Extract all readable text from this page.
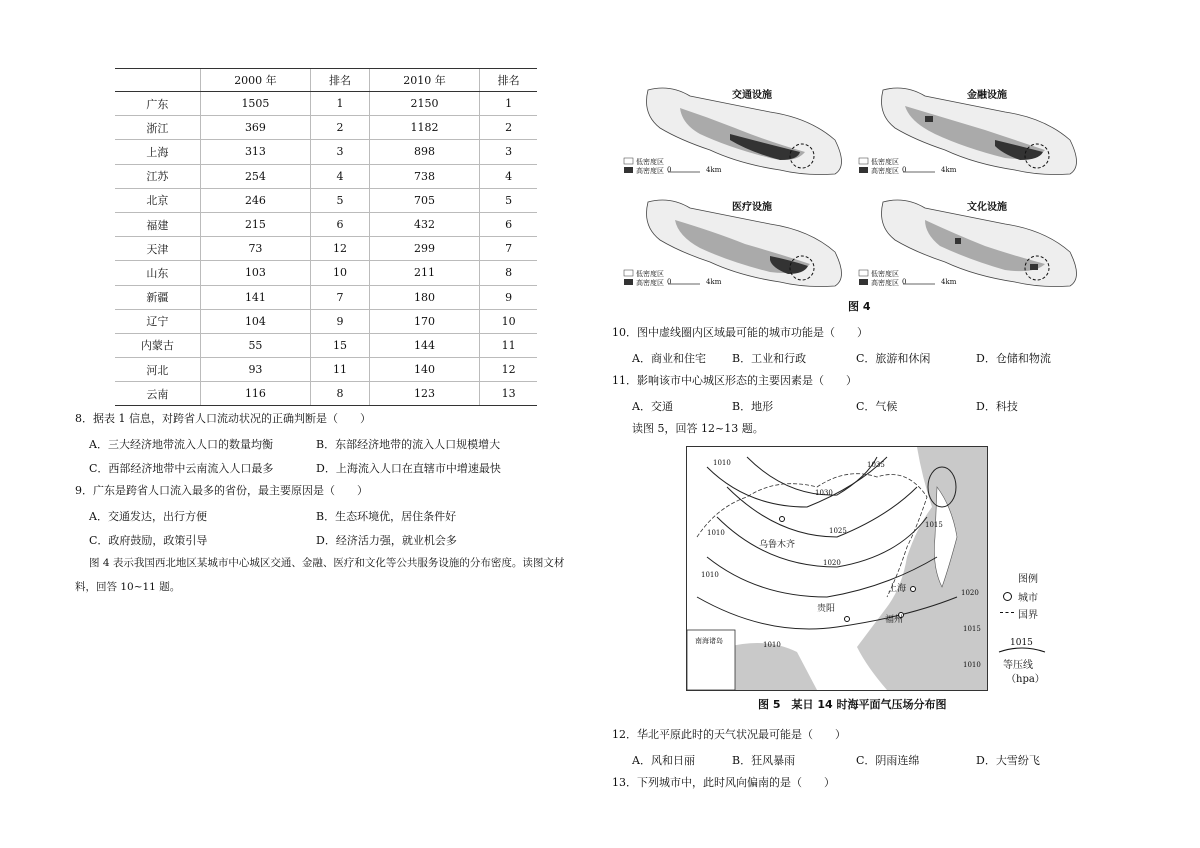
	2000 年	排名	2010 年	排名
广东	1505	1	2150	1
浙江	369	2	1182	2
上海	313	3	898	3
江苏	254	4	738	4
北京	246	5	705	5
福建	215	6	432	6
天津	73	12	299	7
山东	103	10	211	8
新疆	141	7	180	9
辽宁	104	9	170	10
内蒙古	55	15	144	11
河北	93	11	140	12
云南	116	8	123	13
8．据表 1 信息，对跨省人口流动状况的正确判断是（　　）
A．三大经济地带流入人口的数量均衡	B．东部经济地带的流入人口规模增大
C．西部经济地带中云南流入人口最多	D．上海流入人口在直辖市中增速最快
9．广东是跨省人口流入最多的省份，最主要原因是（　　）
A．交通发达，出行方便	B．生态环境优，居住条件好
C．政府鼓励，政策引导	D．经济活力强，就业机会多
图 4 表示我国西北地区某城市中心城区交通、金融、医疗和文化等公共服务设施的分布密度。读图文材
料，回答 10~11 题。
交通设施
低密度区
高密度区 0	4km
金融设施
低密度区
高密度区 0	4km
医疗设施
低密度区
高密度区 0	4km
文化设施
低密度区
高密度区 0	4km
图 4
10．图中虚线圈内区域最可能的城市功能是（　　）
A．商业和住宅 B．工业和行政	C．旅游和休闲	D．仓储和物流
11．影响该市中心城区形态的主要因素是（　　）
A．交通	B．地形	C．气候	D．科技
读图 5，回答 12~13 题。
乌鲁木齐
上海
贵阳
福州
1010	1035
1030
1025
1020
1015
1010
1010
1020
1015
1010
1010
南海诸岛
图例
城市
国界
1015
等压线
（hpa）
图 5　某日 14 时海平面气压场分布图
12．华北平原此时的天气状况最可能是（　　）
A．风和日丽	B．狂风暴雨	C．阴雨连绵	D．大雪纷飞
13．下列城市中，此时风向偏南的是（　　）
